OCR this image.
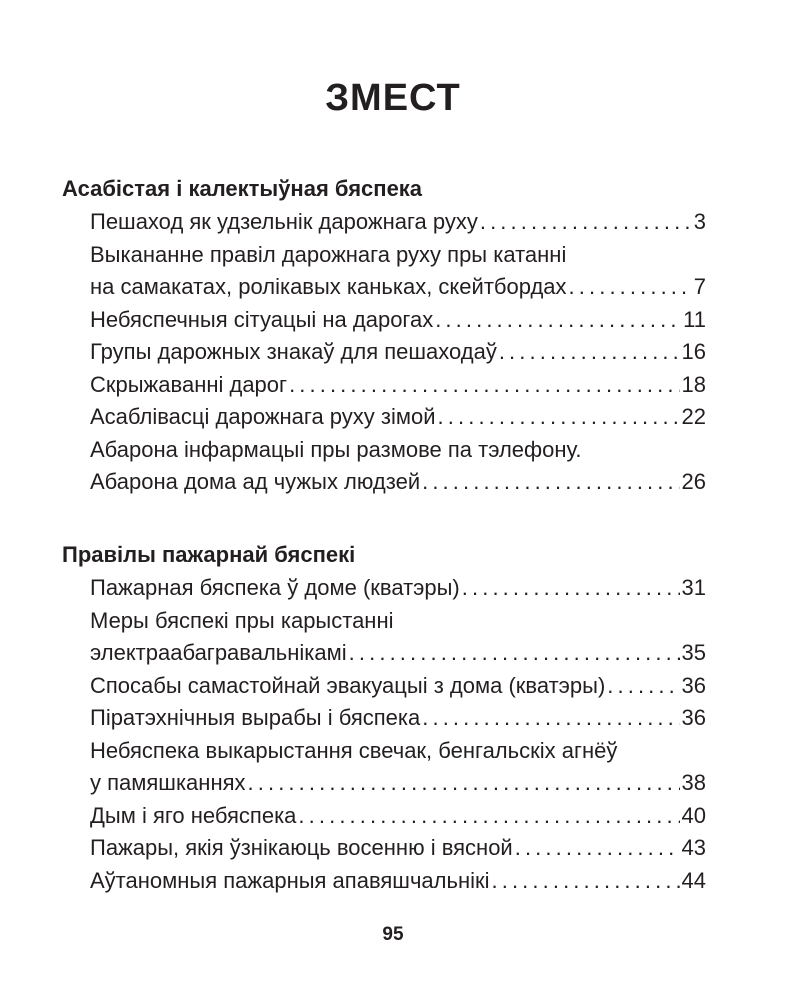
ЗМЕСТ
Асабістая і калектыўная бяспека
Пешаход як удзельнік дарожнага руху . . .	3
Выкананне правіл дарожнага руху пры катанні
на самакатах, ролікавых каньках, скейтбордах . . .	7
Небяспечныя сітуацыі на дарогах . . .	11
Групы дарожных знакаў для пешаходаў . . .	16
Скрыжаванні дарог . . .	18
Асаблівасці дарожнага руху зімой . . .	22
Абарона інфармацыі пры размове па тэлефону.
Абарона дома ад чужых людзей . . .	26
Правілы пажарнай бяспекі
Пажарная бяспека ў доме (кватэры) . . .	31
Меры бяспекі пры карыстанні
электраабагравальнікамі . . .	35
Спосабы самастойнай эвакуацыі з дома (кватэры) . . .	36
Піратэхнічныя вырабы і бяспека . . .	36
Небяспека выкарыстання свечак, бенгальскіх агнёў
у памяшканнях . . .	38
Дым і яго небяспека . . .	40
Пажары, якія ўзнікаюць восенню і вясной . . .	43
Аўтаномныя пажарныя апавяшчальнікі . . .	44
95
